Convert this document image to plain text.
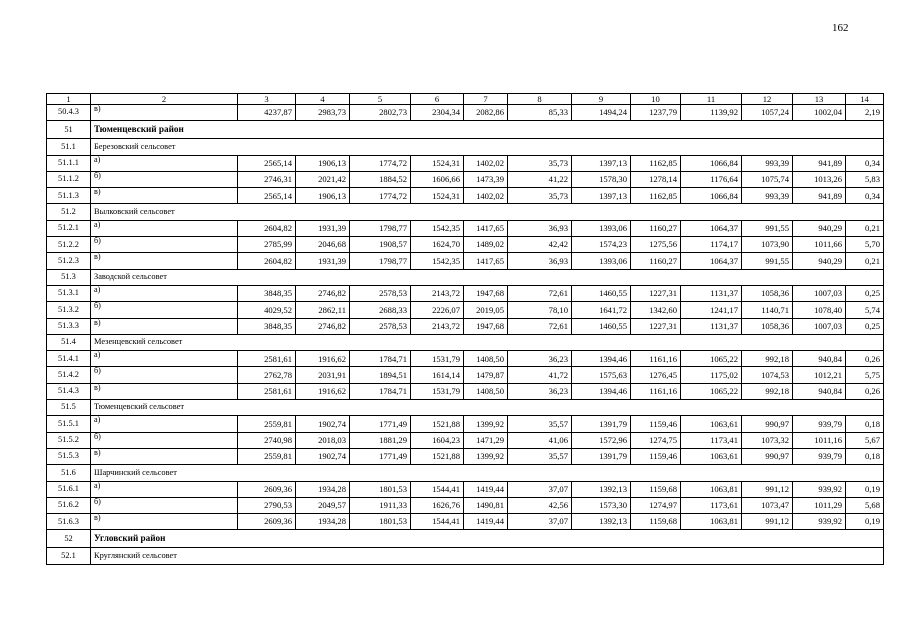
162
1	2	3	4	5	6	7	8	9	10	11	12	13	14
50.4.3	в)	4237,87	2983,73	2802,73	2304,34	2082,86	85,33	1494,24	1237,79	1139,92	1057,24	1002,04	2,19
51	Тюменцевский район												
51.1	Березовский сельсовет												
51.1.1	а)	2565,14	1906,13	1774,72	1524,31	1402,02	35,73	1397,13	1162,85	1066,84	993,39	941,89	0,34
51.1.2	б)	2746,31	2021,42	1884,52	1606,66	1473,39	41,22	1578,30	1278,14	1176,64	1075,74	1013,26	5,83
51.1.3	в)	2565,14	1906,13	1774,72	1524,31	1402,02	35,73	1397,13	1162,85	1066,84	993,39	941,89	0,34
51.2	Вылковский сельсовет												
51.2.1	а)	2604,82	1931,39	1798,77	1542,35	1417,65	36,93	1393,06	1160,27	1064,37	991,55	940,29	0,21
51.2.2	б)	2785,99	2046,68	1908,57	1624,70	1489,02	42,42	1574,23	1275,56	1174,17	1073,90	1011,66	5,70
51.2.3	в)	2604,82	1931,39	1798,77	1542,35	1417,65	36,93	1393,06	1160,27	1064,37	991,55	940,29	0,21
51.3	Заводской сельсовет												
51.3.1	а)	3848,35	2746,82	2578,53	2143,72	1947,68	72,61	1460,55	1227,31	1131,37	1058,36	1007,03	0,25
51.3.2	б)	4029,52	2862,11	2688,33	2226,07	2019,05	78,10	1641,72	1342,60	1241,17	1140,71	1078,40	5,74
51.3.3	в)	3848,35	2746,82	2578,53	2143,72	1947,68	72,61	1460,55	1227,31	1131,37	1058,36	1007,03	0,25
51.4	Мезенцевский сельсовет												
51.4.1	а)	2581,61	1916,62	1784,71	1531,79	1408,50	36,23	1394,46	1161,16	1065,22	992,18	940,84	0,26
51.4.2	б)	2762,78	2031,91	1894,51	1614,14	1479,87	41,72	1575,63	1276,45	1175,02	1074,53	1012,21	5,75
51.4.3	в)	2581,61	1916,62	1784,71	1531,79	1408,50	36,23	1394,46	1161,16	1065,22	992,18	940,84	0,26
51.5	Тюменцевский сельсовет												
51.5.1	а)	2559,81	1902,74	1771,49	1521,88	1399,92	35,57	1391,79	1159,46	1063,61	990,97	939,79	0,18
51.5.2	б)	2740,98	2018,03	1881,29	1604,23	1471,29	41,06	1572,96	1274,75	1173,41	1073,32	1011,16	5,67
51.5.3	в)	2559,81	1902,74	1771,49	1521,88	1399,92	35,57	1391,79	1159,46	1063,61	990,97	939,79	0,18
51.6	Шарчинский сельсовет												
51.6.1	а)	2609,36	1934,28	1801,53	1544,41	1419,44	37,07	1392,13	1159,68	1063,81	991,12	939,92	0,19
51.6.2	б)	2790,53	2049,57	1911,33	1626,76	1490,81	42,56	1573,30	1274,97	1173,61	1073,47	1011,29	5,68
51.6.3	в)	2609,36	1934,28	1801,53	1544,41	1419,44	37,07	1392,13	1159,68	1063,81	991,12	939,92	0,19
52	Угловский район												
52.1	Круглянский сельсовет												
